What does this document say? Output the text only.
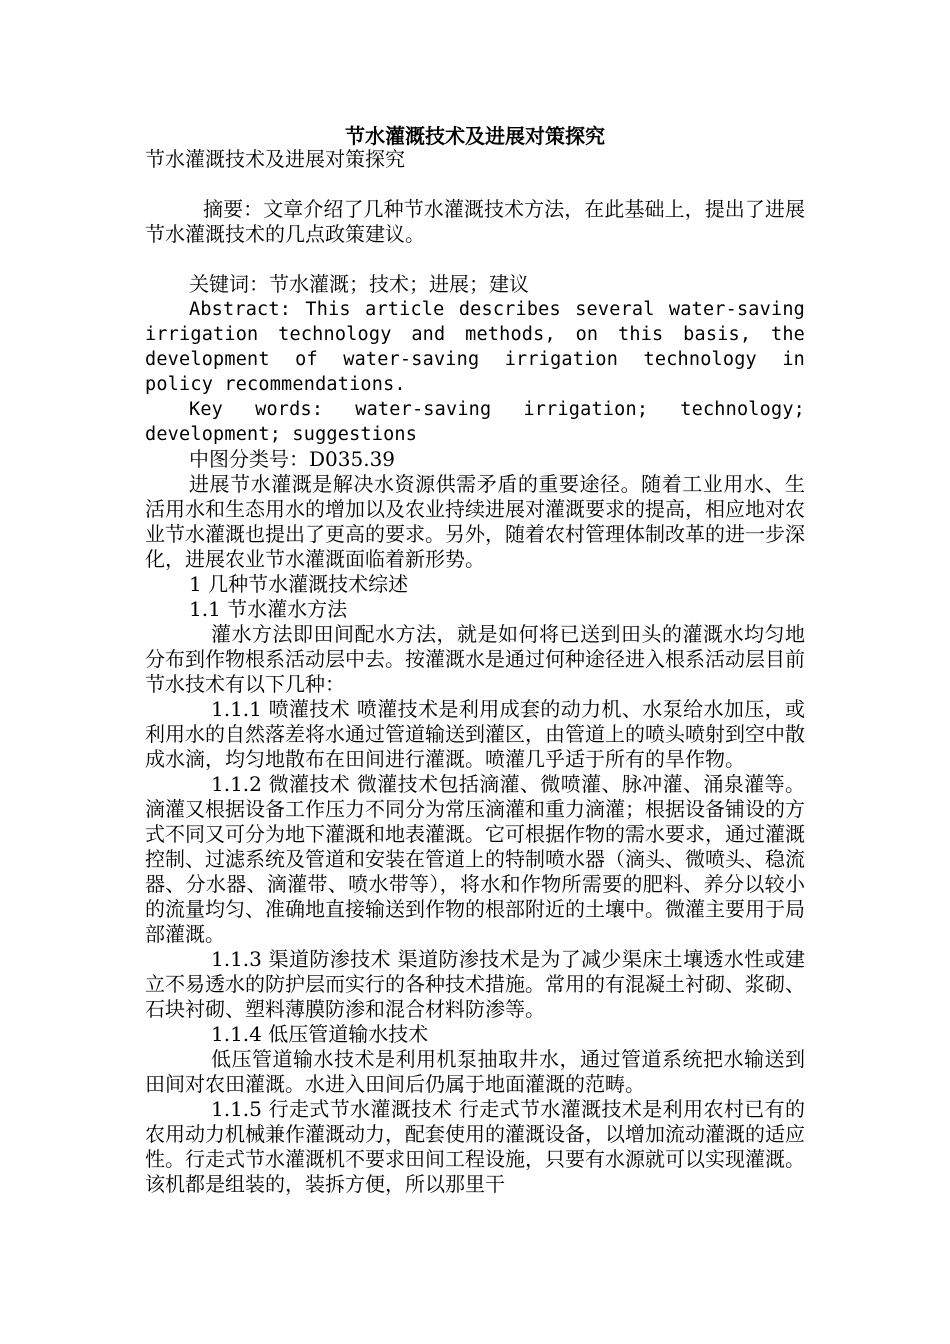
节水灌溉技术及进展对策探究

节水灌溉技术及进展对策探究

摘要：文章介绍了几种节水灌溉技术方法，在此基础上，提出了进展节水灌溉技术的几点政策建议。

关键词：节水灌溉；技术；进展；建议

Abstract: This article describes several water-saving irrigation technology and methods, on this basis, the development of water-saving irrigation technology in policy recommendations.

Key words: water-saving irrigation; technology; development; suggestions

中图分类号：D035.39

进展节水灌溉是解决水资源供需矛盾的重要途径。随着工业用水、生活用水和生态用水的增加以及农业持续进展对灌溉要求的提高，相应地对农业节水灌溉也提出了更高的要求。另外，随着农村管理体制改革的进一步深化，进展农业节水灌溉面临着新形势。

1 几种节水灌溉技术综述

1.1 节水灌水方法

灌水方法即田间配水方法，就是如何将已送到田头的灌溉水均匀地分布到作物根系活动层中去。按灌溉水是通过何种途径进入根系活动层目前节水技术有以下几种：

1.1.1 喷灌技术 喷灌技术是利用成套的动力机、水泵给水加压，或利用水的自然落差将水通过管道输送到灌区，由管道上的喷头喷射到空中散成水滴，均匀地散布在田间进行灌溉。喷灌几乎适于所有的旱作物。

1.1.2 微灌技术 微灌技术包括滴灌、微喷灌、脉冲灌、涌泉灌等。滴灌又根据设备工作压力不同分为常压滴灌和重力滴灌；根据设备铺设的方式不同又可分为地下灌溉和地表灌溉。它可根据作物的需水要求，通过灌溉控制、过滤系统及管道和安装在管道上的特制喷水器（滴头、微喷头、稳流器、分水器、滴灌带、喷水带等），将水和作物所需要的肥料、养分以较小的流量均匀、准确地直接输送到作物的根部附近的土壤中。微灌主要用于局部灌溉。

1.1.3 渠道防渗技术 渠道防渗技术是为了减少渠床土壤透水性或建立不易透水的防护层而实行的各种技术措施。常用的有混凝土衬砌、浆砌、石块衬砌、塑料薄膜防渗和混合材料防渗等。

1.1.4 低压管道输水技术

低压管道输水技术是利用机泵抽取井水，通过管道系统把水输送到田间对农田灌溉。水进入田间后仍属于地面灌溉的范畴。

1.1.5 行走式节水灌溉技术 行走式节水灌溉技术是利用农村已有的农用动力机械兼作灌溉动力，配套使用的灌溉设备，以增加流动灌溉的适应性。行走式节水灌溉机不要求田间工程设施，只要有水源就可以实现灌溉。该机都是组装的，装拆方便，所以那里干
